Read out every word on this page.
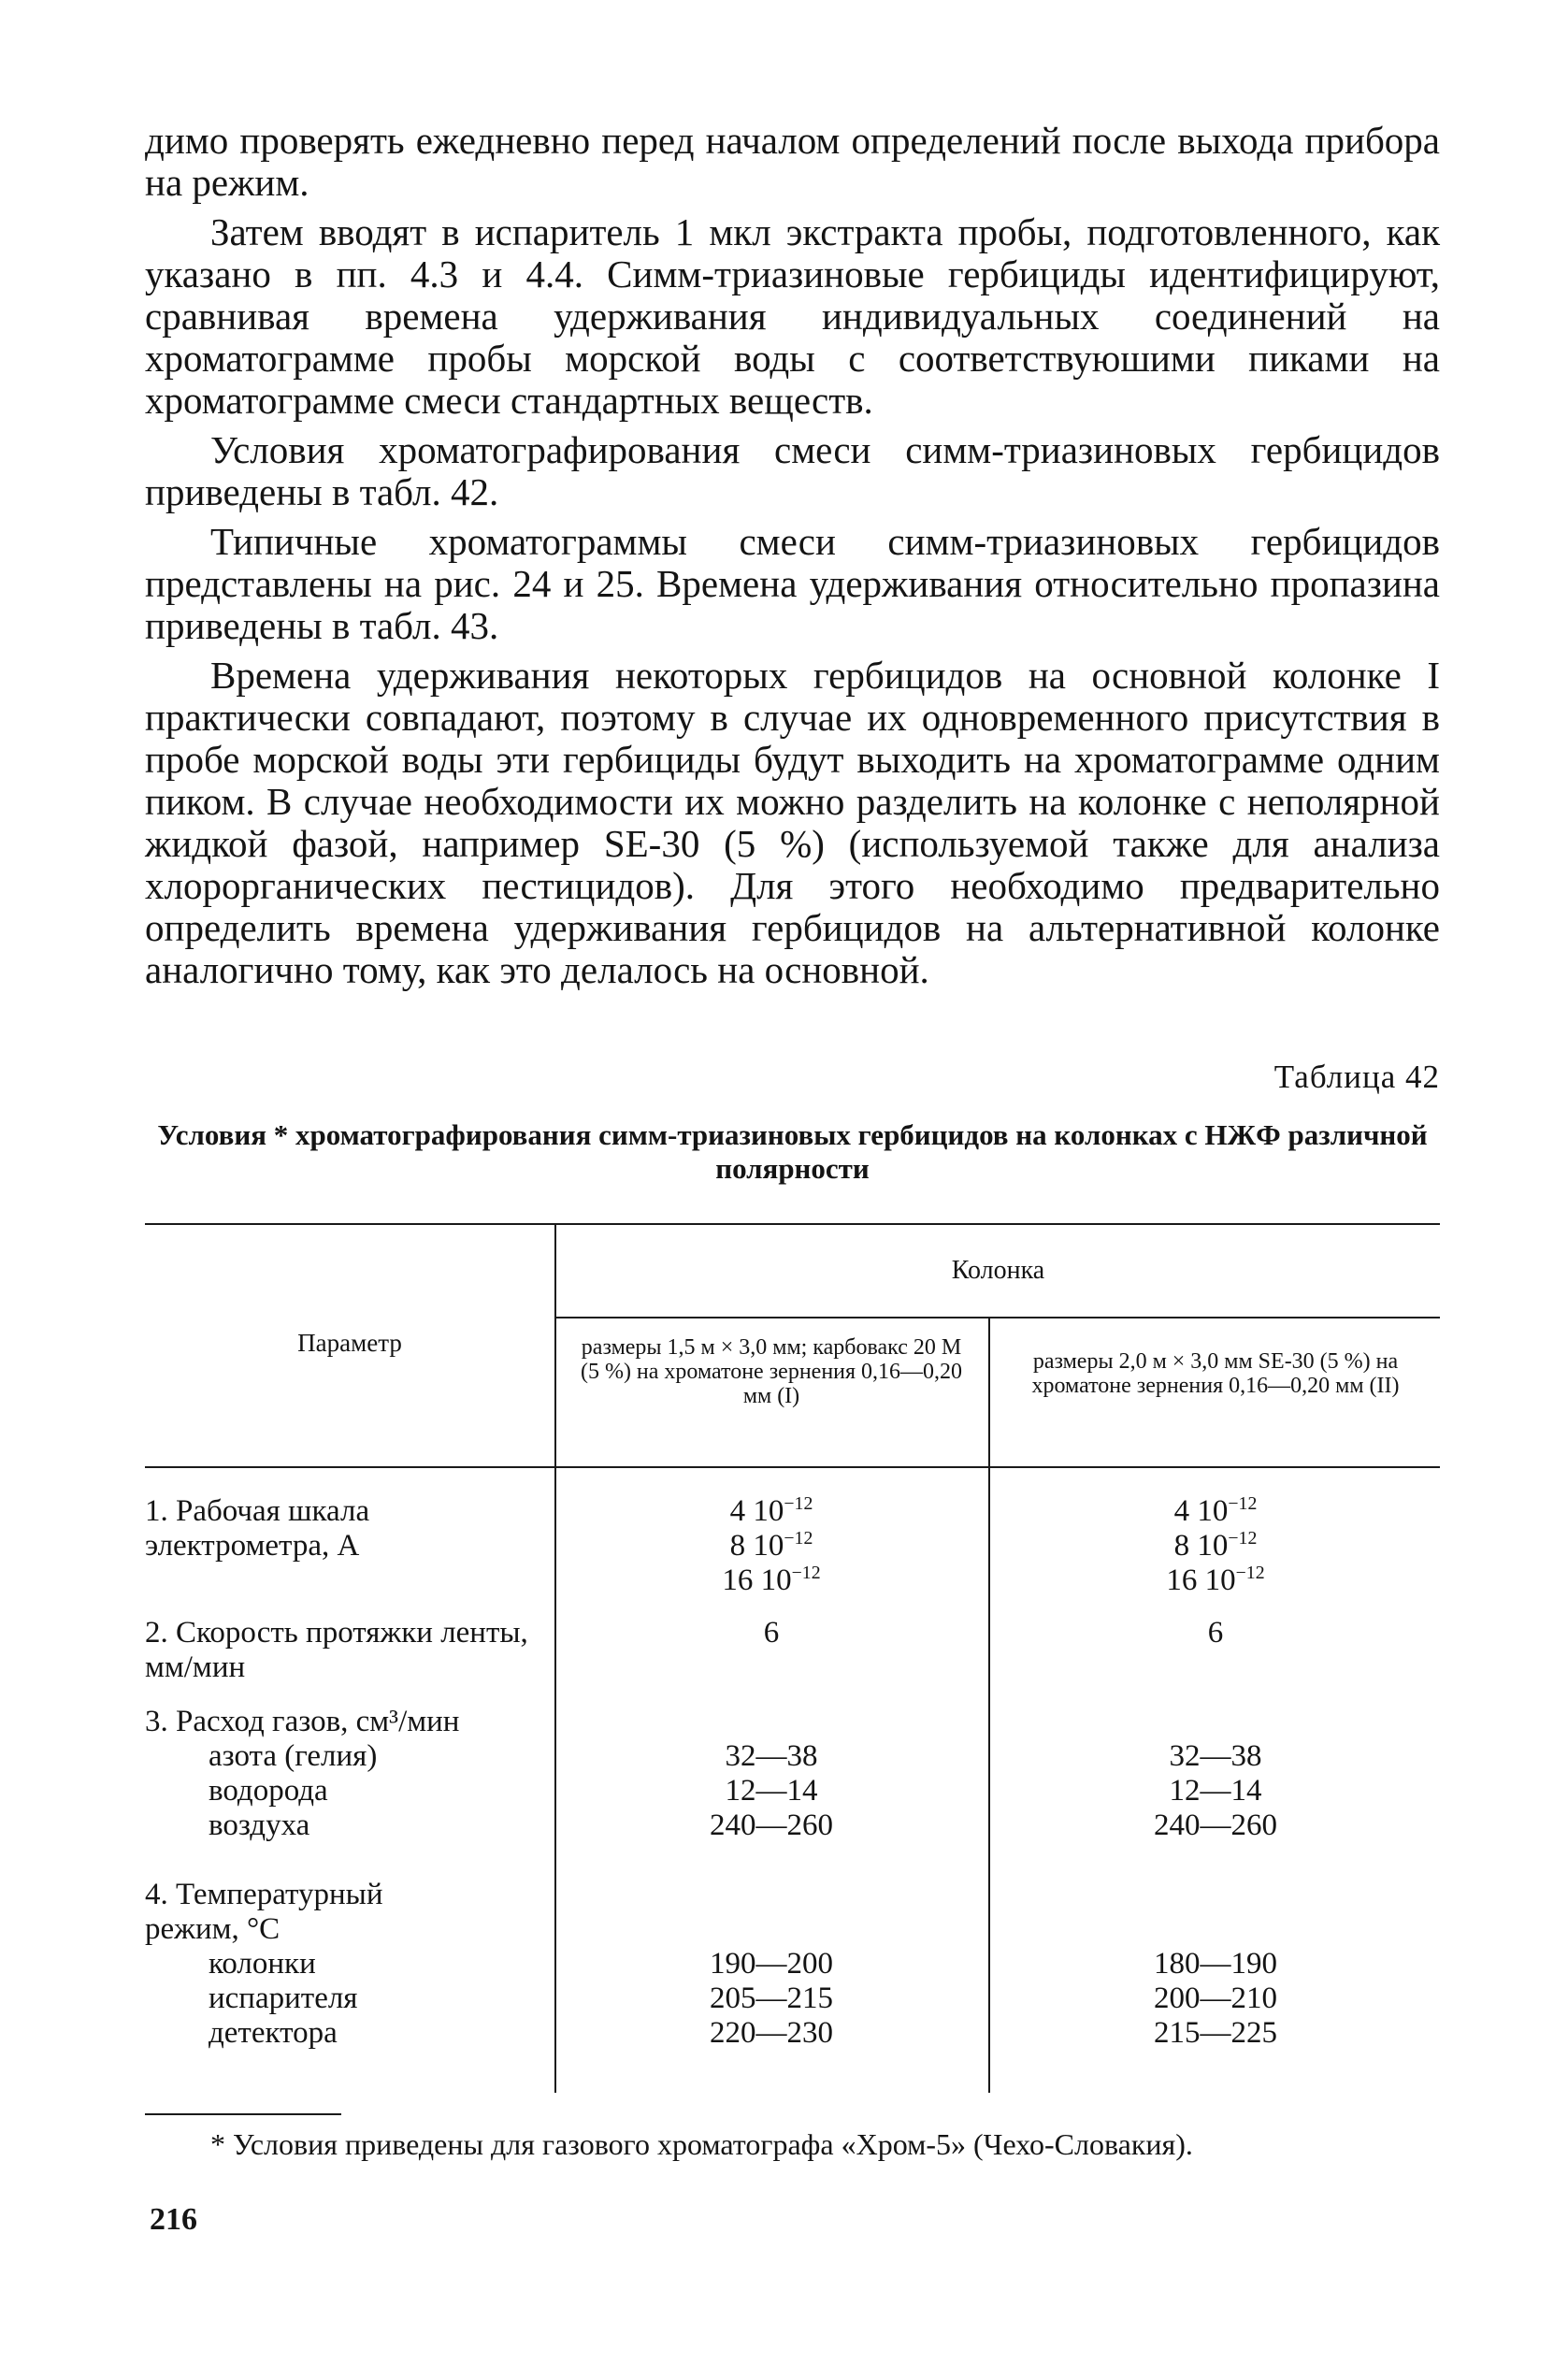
димо проверять ежедневно перед началом определений после выхода прибора на режим.

Затем вводят в испаритель 1 мкл экстракта пробы, подготовленного, как указано в пп. 4.3 и 4.4. Симм-триазиновые гербициды идентифицируют, сравнивая времена удерживания индивидуальных соединений на хроматограмме пробы морской воды с соответствуюшими пиками на хроматограмме смеси стандартных веществ.

Условия хроматографирования смеси симм-триазиновых гербицидов приведены в табл. 42.

Типичные хроматограммы смеси симм-триазиновых гербицидов представлены на рис. 24 и 25. Времена удерживания относительно пропазина приведены в табл. 43.

Времена удерживания некоторых гербицидов на основной колонке I практически совпадают, поэтому в случае их одновременного присутствия в пробе морской воды эти гербициды будут выходить на хроматограмме одним пиком. В случае необходимости их можно разделить на колонке с неполярной жидкой фазой, например SE-30 (5 %) (используемой также для анализа хлорорганических пестицидов). Для этого необходимо предварительно определить времена удерживания гербицидов на альтернативной колонке аналогично тому, как это делалось на основной.

Таблица 42
Условия * хроматографирования симм-триазиновых гербицидов на колонках с НЖФ различной полярности
Параметр
Колонка
размеры 1,5 м × 3,0 мм; карбовакс 20 М (5 %) на хроматоне зернения 0,16—0,20 мм (I)
размеры 2,0 м × 3,0 мм SE-30 (5 %) на хроматоне зернения 0,16—0,20 мм (II)
1. Рабочая шкала электрометра, А
4 $10^{-12}$
8 $10^{-12}$
16 $10^{-12}$
4 $10^{-12}$
8 $10^{-12}$
16 $10^{-12}$
2. Скорость протяжки ленты, мм/мин
6	6
3. Расход газов, см³/мин
азота (гелия)
водорода
воздуха
32—38
12—14
240—260
32—38
12—14
240—260
4. Температурный режим, °С
колонки
испарителя
детектора
190—200
205—215
220—230
180—190
200—210
215—225
* Условия приведены для газового хроматографа «Хром-5» (Чехо-Словакия).
216
